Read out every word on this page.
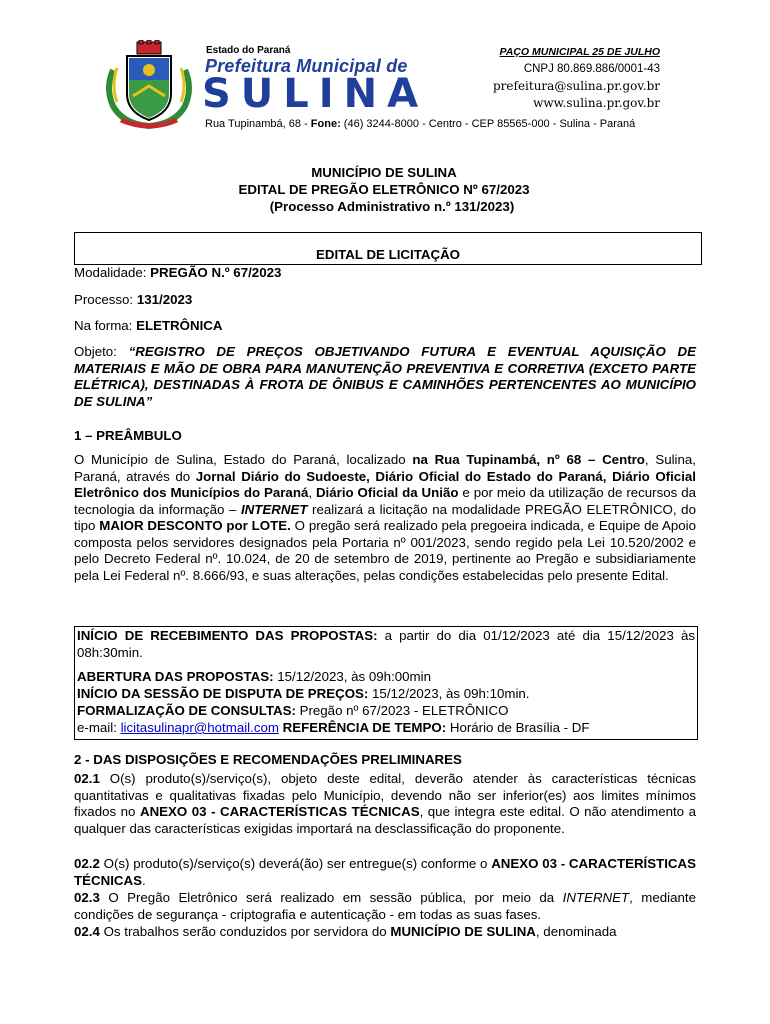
Estado do Paraná
Prefeitura Municipal de
SULINA
Rua Tupinambá, 68 - Fone: (46) 3244-8000 - Centro - CEP 85565-000 - Sulina - Paraná
PAÇO MUNICIPAL 25 DE JULHO
CNPJ 80.869.886/0001-43
prefeitura@sulina.pr.gov.br
www.sulina.pr.gov.br
MUNICÍPIO DE SULINA
EDITAL DE PREGÃO ELETRÔNICO Nº 67/2023
(Processo Administrativo n.º 131/2023)
EDITAL DE LICITAÇÃO
Modalidade: PREGÃO N.º 67/2023
Processo: 131/2023
Na forma: ELETRÔNICA
Objeto: “REGISTRO DE PREÇOS OBJETIVANDO FUTURA E EVENTUAL AQUISIÇÃO DE MATERIAIS E MÃO DE OBRA PARA MANUTENÇÃO PREVENTIVA E CORRETIVA (EXCETO PARTE ELÉTRICA), DESTINADAS À FROTA DE ÔNIBUS E CAMINHÕES PERTENCENTES AO MUNICÍPIO DE SULINA”
1 – PREÂMBULO
O Município de Sulina, Estado do Paraná, localizado na Rua Tupinambá, nº 68 – Centro, Sulina, Paraná, através do Jornal Diário do Sudoeste, Diário Oficial do Estado do Paraná, Diário Oficial Eletrônico dos Municípios do Paraná, Diário Oficial da União e por meio da utilização de recursos da tecnologia da informação – INTERNET realizará a licitação na modalidade PREGÃO ELETRÔNICO, do tipo MAIOR DESCONTO por LOTE. O pregão será realizado pela pregoeira indicada, e Equipe de Apoio composta pelos servidores designados pela Portaria nº 001/2023, sendo regido pela Lei 10.520/2002 e pelo Decreto Federal nº. 10.024, de 20 de setembro de 2019, pertinente ao Pregão e subsidiariamente pela Lei Federal nº. 8.666/93, e suas alterações, pelas condições estabelecidas pelo presente Edital.
INÍCIO DE RECEBIMENTO DAS PROPOSTAS: a partir do dia 01/12/2023 até dia 15/12/2023 às 08h:30min.
ABERTURA DAS PROPOSTAS: 15/12/2023, às 09h:00min
INÍCIO DA SESSÃO DE DISPUTA DE PREÇOS: 15/12/2023, às 09h:10min.
FORMALIZAÇÃO DE CONSULTAS: Pregão nº 67/2023 - ELETRÔNICO
e-mail: licitasulinapr@hotmail.com REFERÊNCIA DE TEMPO: Horário de Brasília - DF
2 - DAS DISPOSIÇÕES E RECOMENDAÇÕES PRELIMINARES
02.1 O(s) produto(s)/serviço(s), objeto deste edital, deverão atender às características técnicas quantitativas e qualitativas fixadas pelo Município, devendo não ser inferior(es) aos limites mínimos fixados no ANEXO 03 - CARACTERÍSTICAS TÉCNICAS, que integra este edital. O não atendimento a qualquer das características exigidas importará na desclassificação do proponente.
02.2 O(s) produto(s)/serviço(s) deverá(ão) ser entregue(s) conforme o ANEXO 03 - CARACTERÍSTICAS TÉCNICAS.
02.3 O Pregão Eletrônico será realizado em sessão pública, por meio da INTERNET, mediante condições de segurança - criptografia e autenticação - em todas as suas fases.
02.4 Os trabalhos serão conduzidos por servidora do MUNICÍPIO DE SULINA, denominada
